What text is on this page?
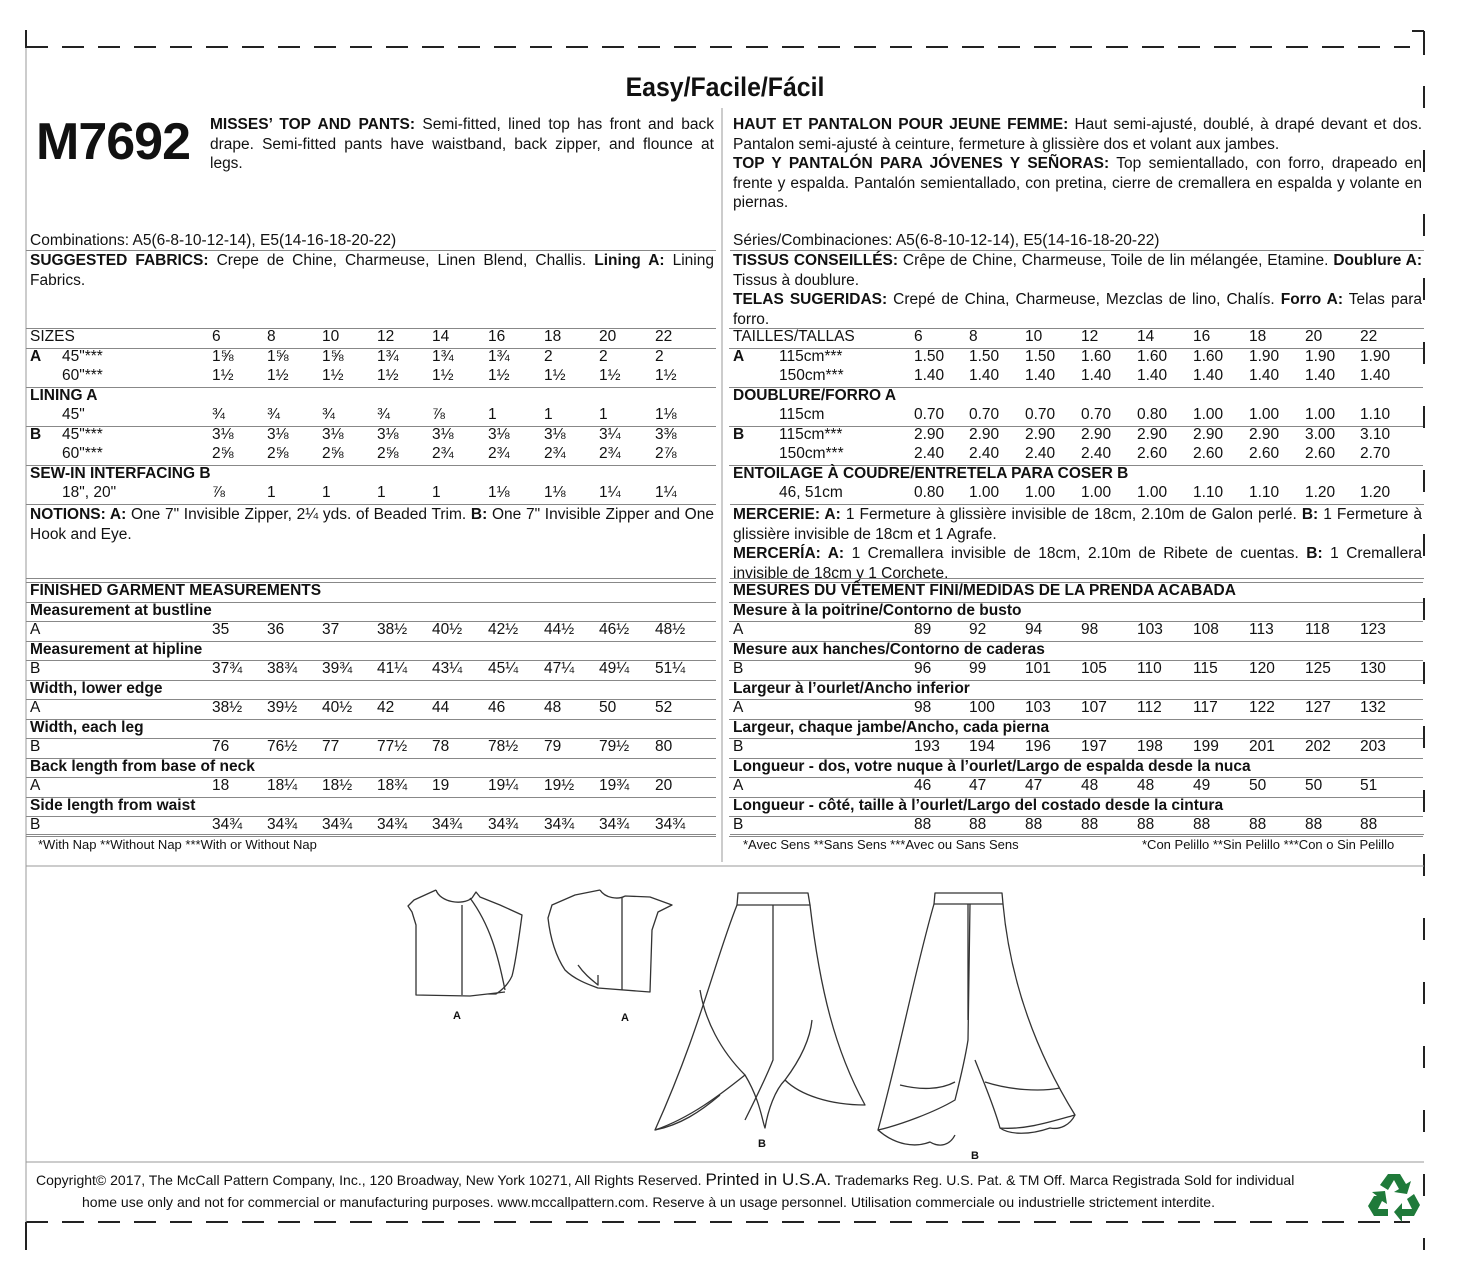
Easy/Facile/Fácil
M7692 MISSES’ TOP AND PANTS: Semi-fitted, lined top has front and back drape. Semi-fitted pants have waistband, back zipper, and flounce at legs.
HAUT ET PANTALON POUR JEUNE FEMME: Haut semi-ajusté, doublé, à drapé devant et dos. Pantalon semi-ajusté à ceinture, fermeture à glissière dos et volant aux jambes.
TOP Y PANTALÓN PARA JÓVENES Y SEÑORAS: Top semientallado, con forro, drapeado en frente y espalda. Pantalón semientallado, con pretina, cierre de cremallera en espalda y volante en piernas.
Combinations: A5(6-8-10-12-14), E5(14-16-18-20-22)	Séries/Combinaciones: A5(6-8-10-12-14), E5(14-16-18-20-22)
SUGGESTED FABRICS: Crepe de Chine, Charmeuse, Linen Blend, Challis. Lining A: Lining Fabrics.
TISSUS CONSEILLÉS: Crêpe de Chine, Charmeuse, Toile de lin mélangée, Etamine. Doublure A: Tissus à doublure.
TELAS SUGERIDAS: Crepé de China, Charmeuse, Mezclas de lino, Chalís. Forro A: Telas para forro.
SIZES	6	8	10 12 14	16	18 20	22
A 45"***	1⅝ 1⅝ 1⅝ 1¾ 1¾ 1¾ 2	2	2
60"***	1½ 1½ 1½ 1½ 1½ 1½ 1½ 1½ 1½
LINING A
45"	¾	¾	¾	¾	⅞	1	1	1	1⅛
B 45"***	3⅛ 3⅛ 3⅛ 3⅛ 3⅛ 3⅛ 3⅛ 3¼ 3⅜
60"***	2⅝ 2⅝ 2⅝ 2⅝ 2¾ 2¾ 2¾ 2¾ 2⅞
SEW-IN INTERFACING B
18", 20"	⅞	1	1	1	1	1⅛ 1⅛ 1¼ 1¼
TAILLES/TALLAS	6	8	10	12	14	16	18	20 22
A 115cm***	1.50 1.50 1.50 1.60 1.60 1.60 1.90 1.90 1.90
150cm***	1.40 1.40 1.40 1.40 1.40 1.40 1.40 1.40 1.40
DOUBLURE/FORRO A
115cm	0.70 0.70 0.70 0.70 0.80 1.00 1.00 1.00 1.10
B 115cm***	2.90 2.90 2.90 2.90 2.90 2.90 2.90 3.00 3.10
150cm***	2.40 2.40 2.40 2.40 2.60 2.60 2.60 2.60 2.70
ENTOILAGE À COUDRE/ENTRETELA PARA COSER B
46, 51cm	0.80 1.00 1.00 1.00 1.00 1.10 1.10 1.20 1.20
NOTIONS: A: One 7" Invisible Zipper, 2¼ yds. of Beaded Trim. B: One 7" Invisible Zipper and One Hook and Eye.
MERCERIE: A: 1 Fermeture à glissière invisible de 18cm, 2.10m de Galon perlé. B: 1 Fermeture à glissière invisible de 18cm et 1 Agrafe.
MERCERÍA: A: 1 Cremallera invisible de 18cm, 2.10m de Ribete de cuentas. B: 1 Cremallera invisible de 18cm y 1 Corchete.
FINISHED GARMENT MEASUREMENTS
Measurement at bustline
A	35 36 37 38½ 40½ 42½ 44½ 46½ 48½
Measurement at hipline
B	37¾ 38¾ 39¾ 41¼ 43¼ 45¼ 47¼ 49¼ 51¼
Width, lower edge
A	38½ 39½ 40½ 42 44	46	48 50	52
Width, each leg
B	76 76½ 77 77½ 78	78½ 79 79½ 80
Back length from base of neck
A	18 18¼ 18½ 18¾ 19	19¼ 19½ 19¾ 20
Side length from waist
B	34¾ 34¾ 34¾ 34¾ 34¾ 34¾ 34¾ 34¾ 34¾
MESURES DU VÊTEMENT FINI/MEDIDAS DE LA PRENDA ACABADA
Mesure à la poitrine/Contorno de busto
A	89 92	94	98	103 108 113 118 123
Mesure aux hanches/Contorno de caderas
B	96 99	101 105 110 115 120 125 130
Largeur à l’ourlet/Ancho inferior
A	98 100 103 107 112 117 122 127 132
Largeur, chaque jambe/Ancho, cada pierna
B	193 194 196 197 198 199 201 202 203
Longueur - dos, votre nuque à l’ourlet/Largo de espalda desde la nuca
A	46 47	47	48	48	49	50	50 51
Longueur - côté, taille à l’ourlet/Largo del costado desde la cintura
B	88 88	88	88	88	88	88	88 88
*With Nap **Without Nap ***With or Without Nap	*Avec Sens **Sans Sens ***Avec ou Sans Sens	*Con Pelillo **Sin Pelillo ***Con o Sin Pelillo
A	A
B
B
Copyright© 2017, The McCall Pattern Company, Inc., 120 Broadway, New York 10271, All Rights Reserved. Printed in U.S.A. Trademarks Reg. U.S. Pat. & TM Off. Marca Registrada Sold for individual
home use only and not for commercial or manufacturing purposes. www.mccallpattern.com. Reserve à un usage personnel. Utilisation commerciale ou industrielle strictement interdite.
